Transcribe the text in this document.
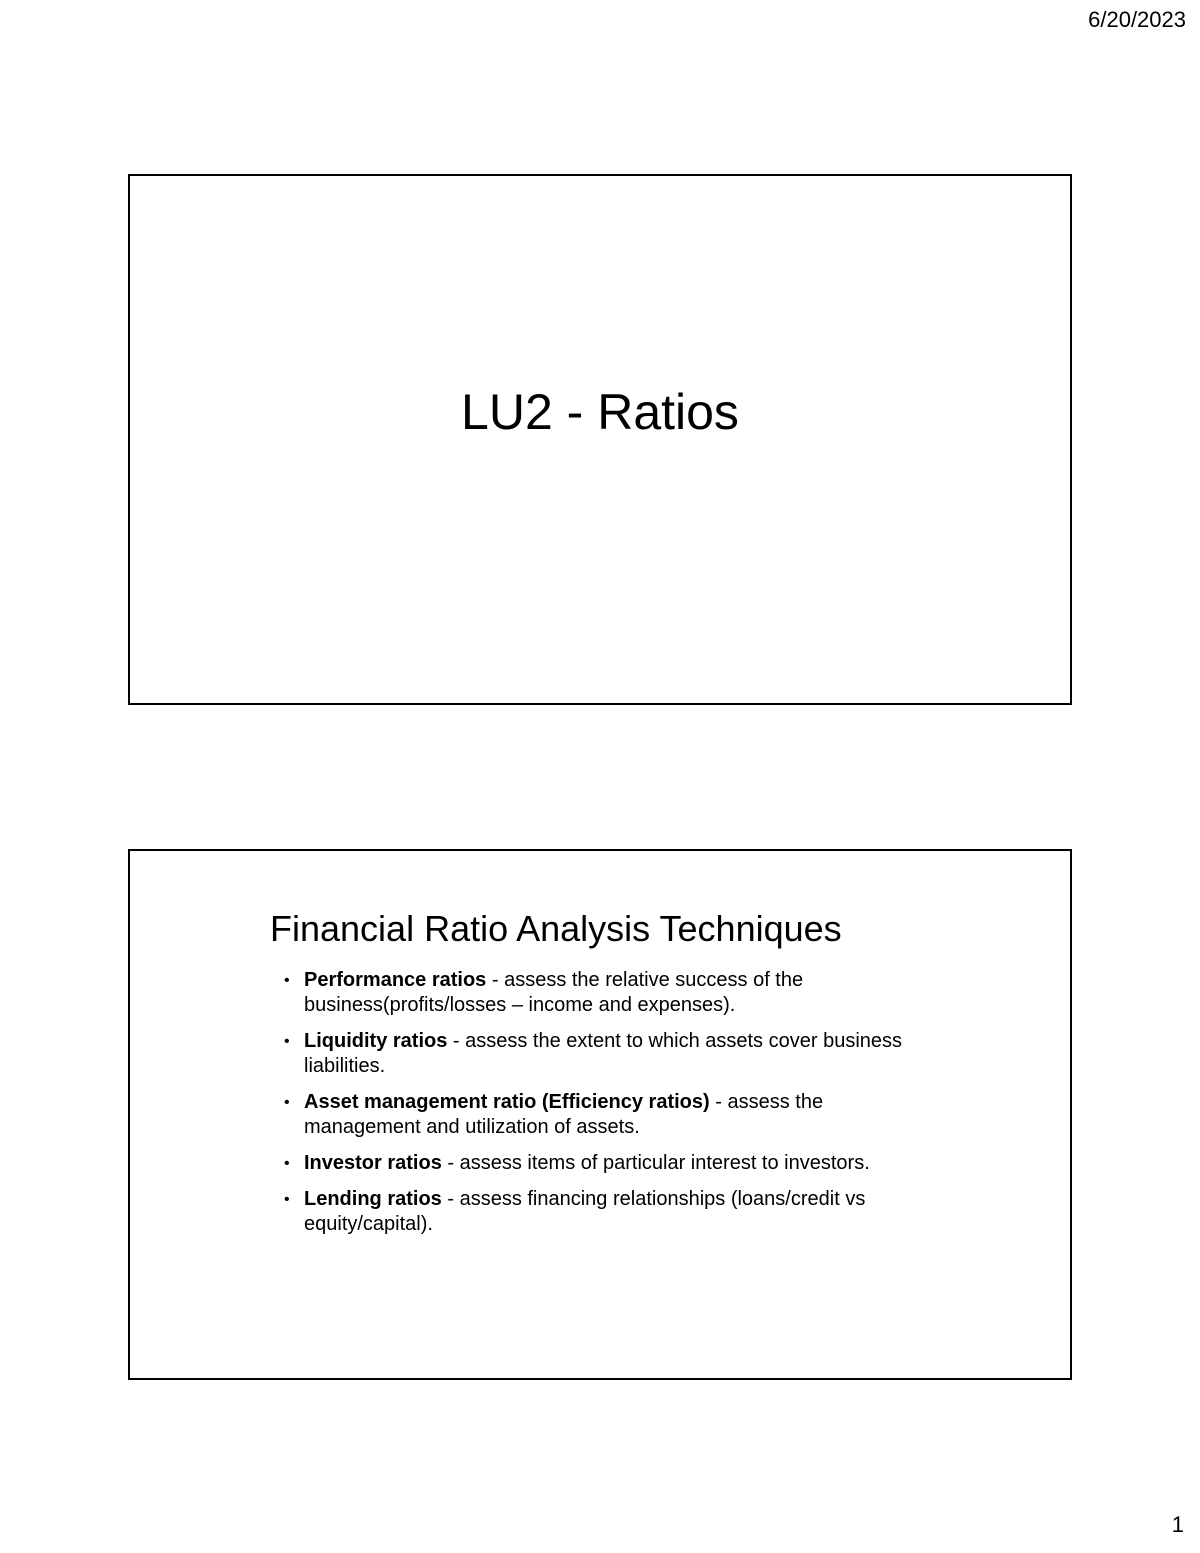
6/20/2023
LU2 - Ratios
Financial Ratio Analysis Techniques
• Performance ratios - assess the relative success of the business(profits/losses – income and expenses).
• Liquidity ratios - assess the extent to which assets cover business liabilities.
• Asset management ratio (Efficiency ratios) - assess the management and utilization of assets.
• Investor ratios - assess items of particular interest to investors.
• Lending ratios - assess financing relationships (loans/credit vs equity/capital).
1
